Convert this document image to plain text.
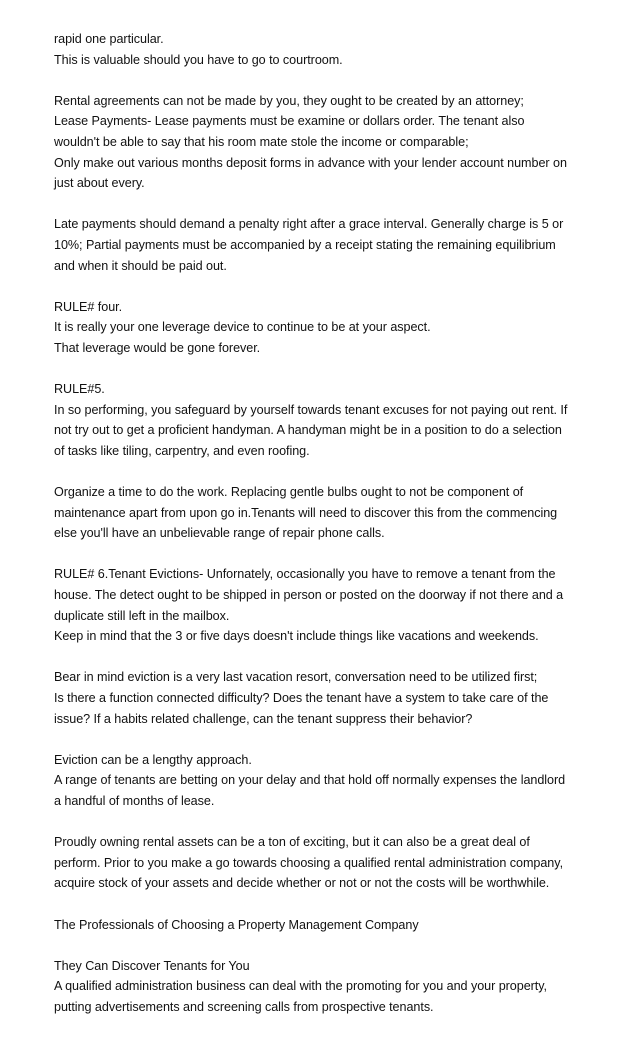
rapid one particular.
This is valuable should you have to go to courtroom.

Rental agreements can not be made by you, they ought to be created by an attorney;
Lease Payments- Lease payments must be examine or dollars order. The tenant also
wouldn't be able to say that his room mate stole the income or comparable;
Only make out various months deposit forms in advance with your lender account number on
just about every.

Late payments should demand a penalty right after a grace interval. Generally charge is 5 or
10%; Partial payments must be accompanied by a receipt stating the remaining equilibrium
and when it should be paid out.

RULE# four.
It is really your one leverage device to continue to be at your aspect.
That leverage would be gone forever.

RULE#5.
In so performing, you safeguard by yourself towards tenant excuses for not paying out rent. If
not try out to get a proficient handyman. A handyman might be in a position to do a selection
of tasks like tiling, carpentry, and even roofing.

Organize a time to do the work. Replacing gentle bulbs ought to not be component of
maintenance apart from upon go in.Tenants will need to discover this from the commencing
else you'll have an unbelievable range of repair phone calls.

RULE# 6.Tenant Evictions- Unfornately, occasionally you have to remove a tenant from the
house. The detect ought to be shipped in person or posted on the doorway if not there and a
duplicate still left in the mailbox.
Keep in mind that the 3 or five days doesn't include things like vacations and weekends.

Bear in mind eviction is a very last vacation resort, conversation need to be utilized first;
Is there a function connected difficulty? Does the tenant have a system to take care of the
issue? If a habits related challenge, can the tenant suppress their behavior?

Eviction can be a lengthy approach.
A range of tenants are betting on your delay and that hold off normally expenses the landlord
a handful of months of lease.

Proudly owning rental assets can be a ton of exciting, but it can also be a great deal of
perform. Prior to you make a go towards choosing a qualified rental administration company,
acquire stock of your assets and decide whether or not or not the costs will be worthwhile.

The Professionals of Choosing a Property Management Company

They Can Discover Tenants for You
A qualified administration business can deal with the promoting for you and your property,
putting advertisements and screening calls from prospective tenants.
